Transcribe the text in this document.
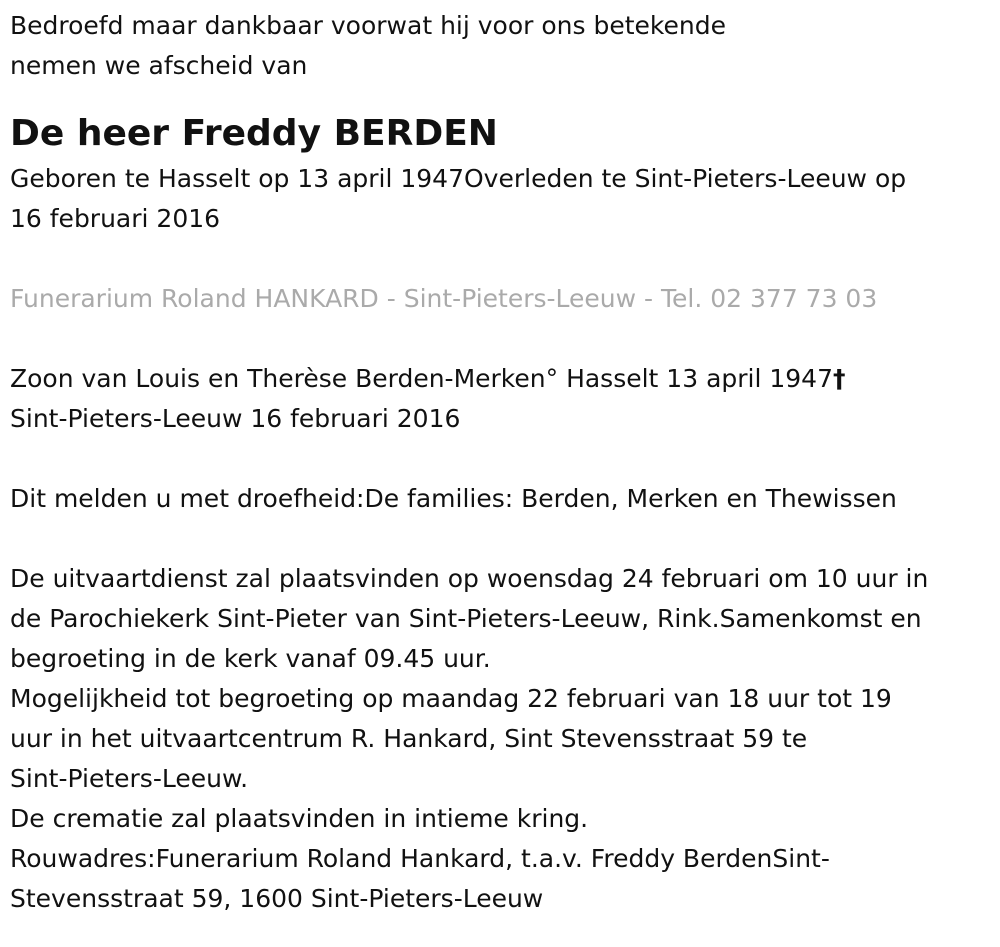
Bedroefd maar dankbaar voorwat hij voor ons betekende

nemen we afscheid van

De heer Freddy BERDEN

Geboren te Hasselt op 13 april 1947Overleden te Sint-Pieters-Leeuw op

16 februari 2016

Funerarium Roland HANKARD - Sint-Pieters-Leeuw - Tel. 02 377 73 03

Zoon van Louis en Therèse Berden-Merken° Hasselt 13 april 1947†

Sint-Pieters-Leeuw 16 februari 2016

Dit melden u met droefheid:De families: Berden, Merken en Thewissen

De uitvaartdienst zal plaatsvinden op woensdag 24 februari om 10 uur in

de Parochiekerk Sint-Pieter van Sint-Pieters-Leeuw, Rink.Samenkomst en

begroeting in de kerk vanaf 09.45 uur.

Mogelijkheid tot begroeting op maandag 22 februari van 18 uur tot 19

uur in het uitvaartcentrum R. Hankard, Sint Stevensstraat 59 te

Sint-Pieters-Leeuw.

De crematie zal plaatsvinden in intieme kring.

Rouwadres:Funerarium Roland Hankard, t.a.v. Freddy BerdenSint-

Stevensstraat 59, 1600 Sint-Pieters-Leeuw
